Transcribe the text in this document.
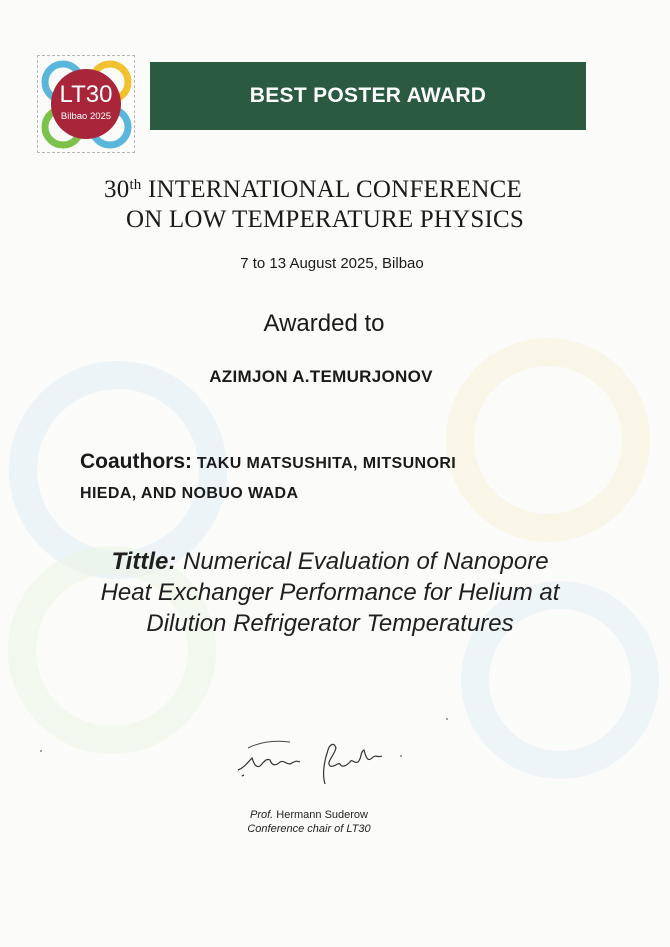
LT30
Bilbao 2025
BEST POSTER AWARD
30th INTERNATIONAL CONFERENCE
ON LOW TEMPERATURE PHYSICS
7 to 13 August 2025, Bilbao
Awarded to
AZIMJON A.TEMURJONOV
Coauthors: TAKU MATSUSHITA, MITSUNORI
HIEDA, AND NOBUO WADA
Tittle: Numerical Evaluation of Nanopore
Heat Exchanger Performance for Helium at
Dilution Refrigerator Temperatures
Prof. Hermann Suderow
Conference chair of LT30
